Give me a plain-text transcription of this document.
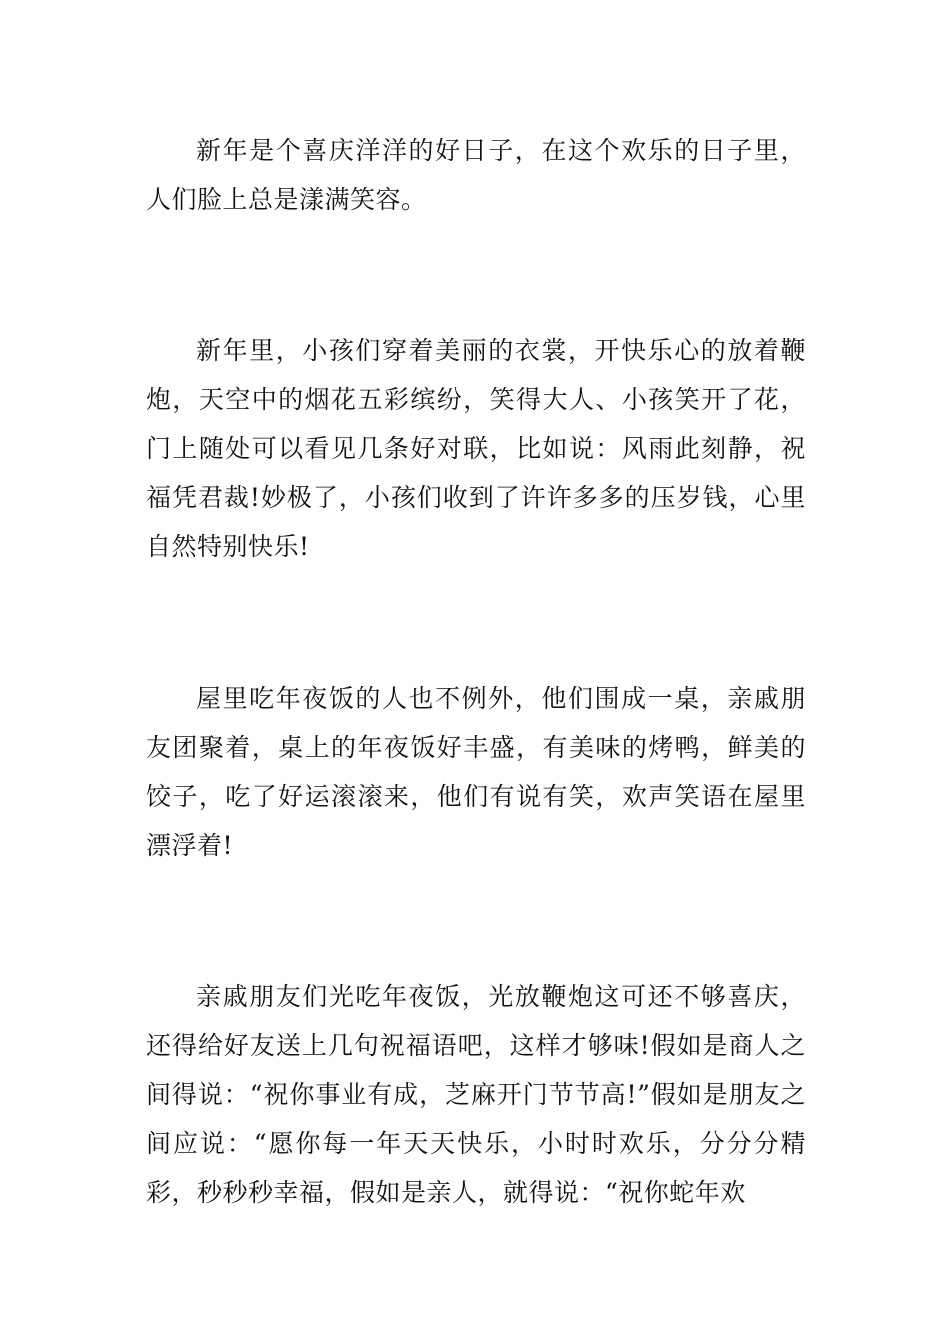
新年是个喜庆洋洋的好日子，在这个欢乐的日子里，人们脸上总是漾满笑容。

新年里，小孩们穿着美丽的衣裳，开快乐心的放着鞭炮，天空中的烟花五彩缤纷，笑得大人、小孩笑开了花，门上随处可以看见几条好对联，比如说：风雨此刻静，祝福凭君裁!妙极了，小孩们收到了许许多多的压岁钱，心里自然特别快乐!

屋里吃年夜饭的人也不例外，他们围成一桌，亲戚朋友团聚着，桌上的年夜饭好丰盛，有美味的烤鸭，鲜美的饺子，吃了好运滚滚来，他们有说有笑，欢声笑语在屋里漂浮着!

亲戚朋友们光吃年夜饭，光放鞭炮这可还不够喜庆，还得给好友送上几句祝福语吧，这样才够味!假如是商人之间得说：“祝你事业有成，芝麻开门节节高!”假如是朋友之间应说：“愿你每一年天天快乐，小时时欢乐，分分分精彩，秒秒秒幸福，假如是亲人，就得说：“祝你蛇年欢
